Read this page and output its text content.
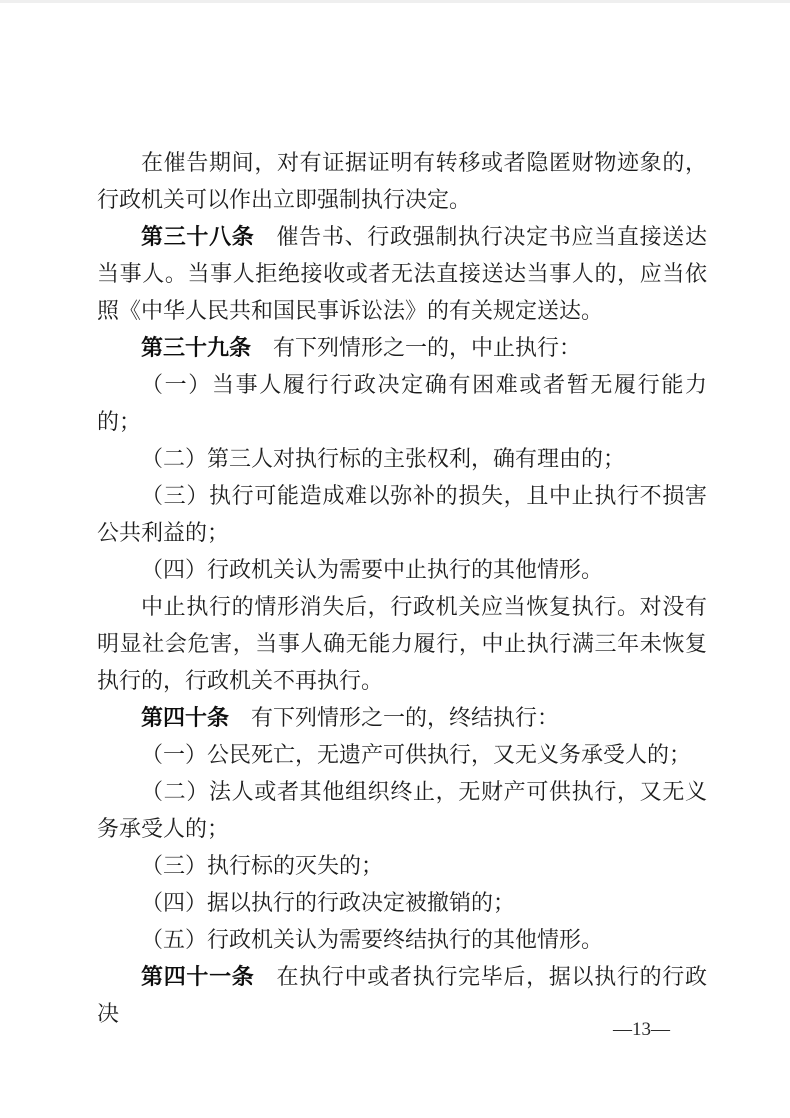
在催告期间，对有证据证明有转移或者隐匿财物迹象的，行政机关可以作出立即强制执行决定。

第三十八条 催告书、行政强制执行决定书应当直接送达当事人。当事人拒绝接收或者无法直接送达当事人的，应当依照《中华人民共和国民事诉讼法》的有关规定送达。

第三十九条 有下列情形之一的，中止执行：

（一）当事人履行行政决定确有困难或者暂无履行能力的；

（二）第三人对执行标的主张权利，确有理由的；

（三）执行可能造成难以弥补的损失，且中止执行不损害公共利益的；

（四）行政机关认为需要中止执行的其他情形。

中止执行的情形消失后，行政机关应当恢复执行。对没有明显社会危害，当事人确无能力履行，中止执行满三年未恢复执行的，行政机关不再执行。

第四十条 有下列情形之一的，终结执行：

（一）公民死亡，无遗产可供执行，又无义务承受人的；

（二）法人或者其他组织终止，无财产可供执行，又无义务承受人的；

（三）执行标的灭失的；

（四）据以执行的行政决定被撤销的；

（五）行政机关认为需要终结执行的其他情形。

第四十一条 在执行中或者执行完毕后，据以执行的行政决

—13—
